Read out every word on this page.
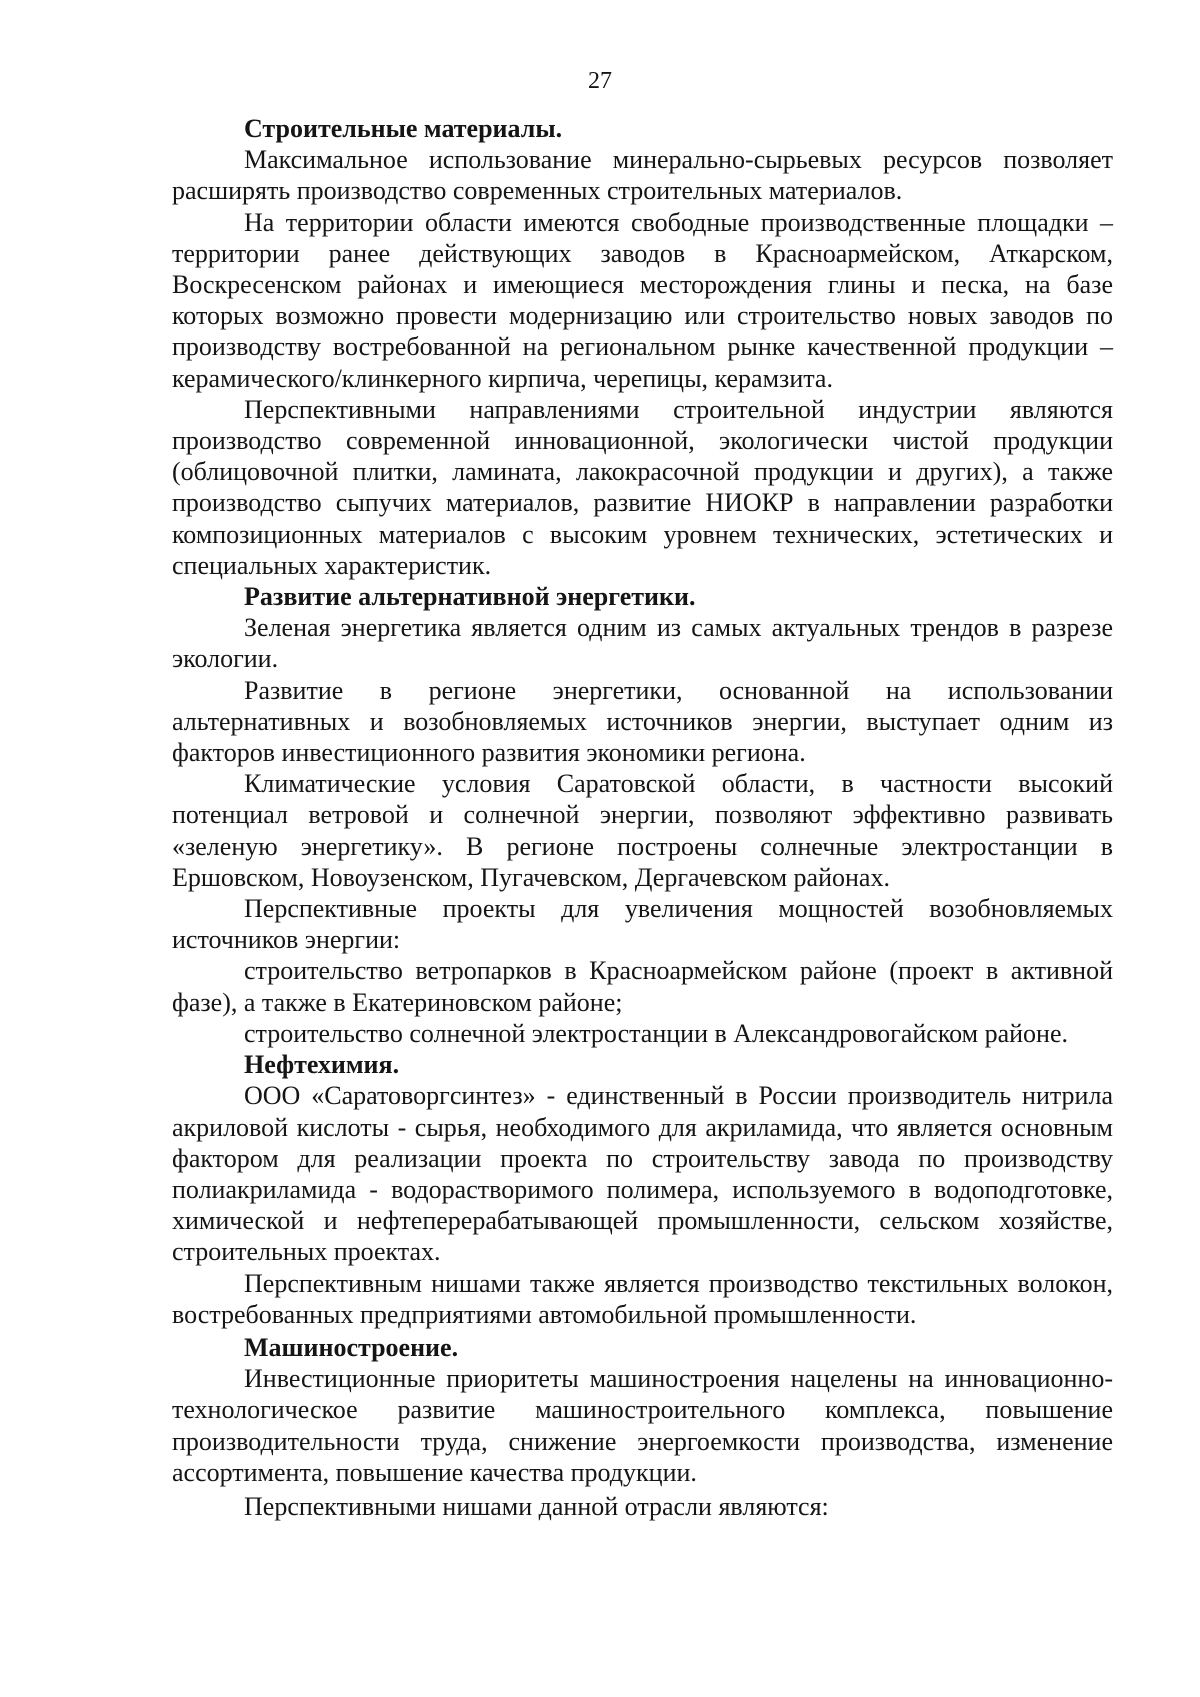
27

Строительные материалы.

Максимальное использование минерально-сырьевых ресурсов позволяет расширять производство современных строительных материалов.

На территории области имеются свободные производственные площадки – территории ранее действующих заводов в Красноармейском, Аткарском, Воскресенском районах и имеющиеся месторождения глины и песка, на базе которых возможно провести модернизацию или строительство новых заводов по производству востребованной на региональном рынке качественной продукции – керамического/клинкерного кирпича, черепицы, керамзита.

Перспективными направлениями строительной индустрии являются производство современной инновационной, экологически чистой продукции (облицовочной плитки, ламината, лакокрасочной продукции и других), а также производство сыпучих материалов, развитие НИОКР в направлении разработки композиционных материалов с высоким уровнем технических, эстетических и специальных характеристик.

Развитие альтернативной энергетики.

Зеленая энергетика является одним из самых актуальных трендов в разрезе экологии.

Развитие в регионе энергетики, основанной на использовании альтернативных и возобновляемых источников энергии, выступает одним из факторов инвестиционного развития экономики региона.

Климатические условия Саратовской области, в частности высокий потенциал ветровой и солнечной энергии, позволяют эффективно развивать «зеленую энергетику». В регионе построены солнечные электростанции в Ершовском, Новоузенском, Пугачевском, Дергачевском районах.

Перспективные проекты для увеличения мощностей возобновляемых источников энергии:

строительство ветропарков в Красноармейском районе (проект в активной фазе), а также в Екатериновском районе;

строительство солнечной электростанции в Александровогайском районе.

Нефтехимия.

ООО «Саратоворгсинтез» - единственный в России производитель нитрила акриловой кислоты - сырья, необходимого для акриламида, что является основным фактором для реализации проекта по строительству завода по производству полиакриламида - водорастворимого полимера, используемого в водоподготовке, химической и нефтеперерабатывающей промышленности, сельском хозяйстве, строительных проектах.

Перспективным нишами также является производство текстильных волокон, востребованных предприятиями автомобильной промышленности.

Машиностроение.

Инвестиционные приоритеты машиностроения нацелены на инновационно-технологическое развитие машиностроительного комплекса, повышение производительности труда, снижение энергоемкости производства, изменение ассортимента, повышение качества продукции.

Перспективными нишами данной отрасли являются:
